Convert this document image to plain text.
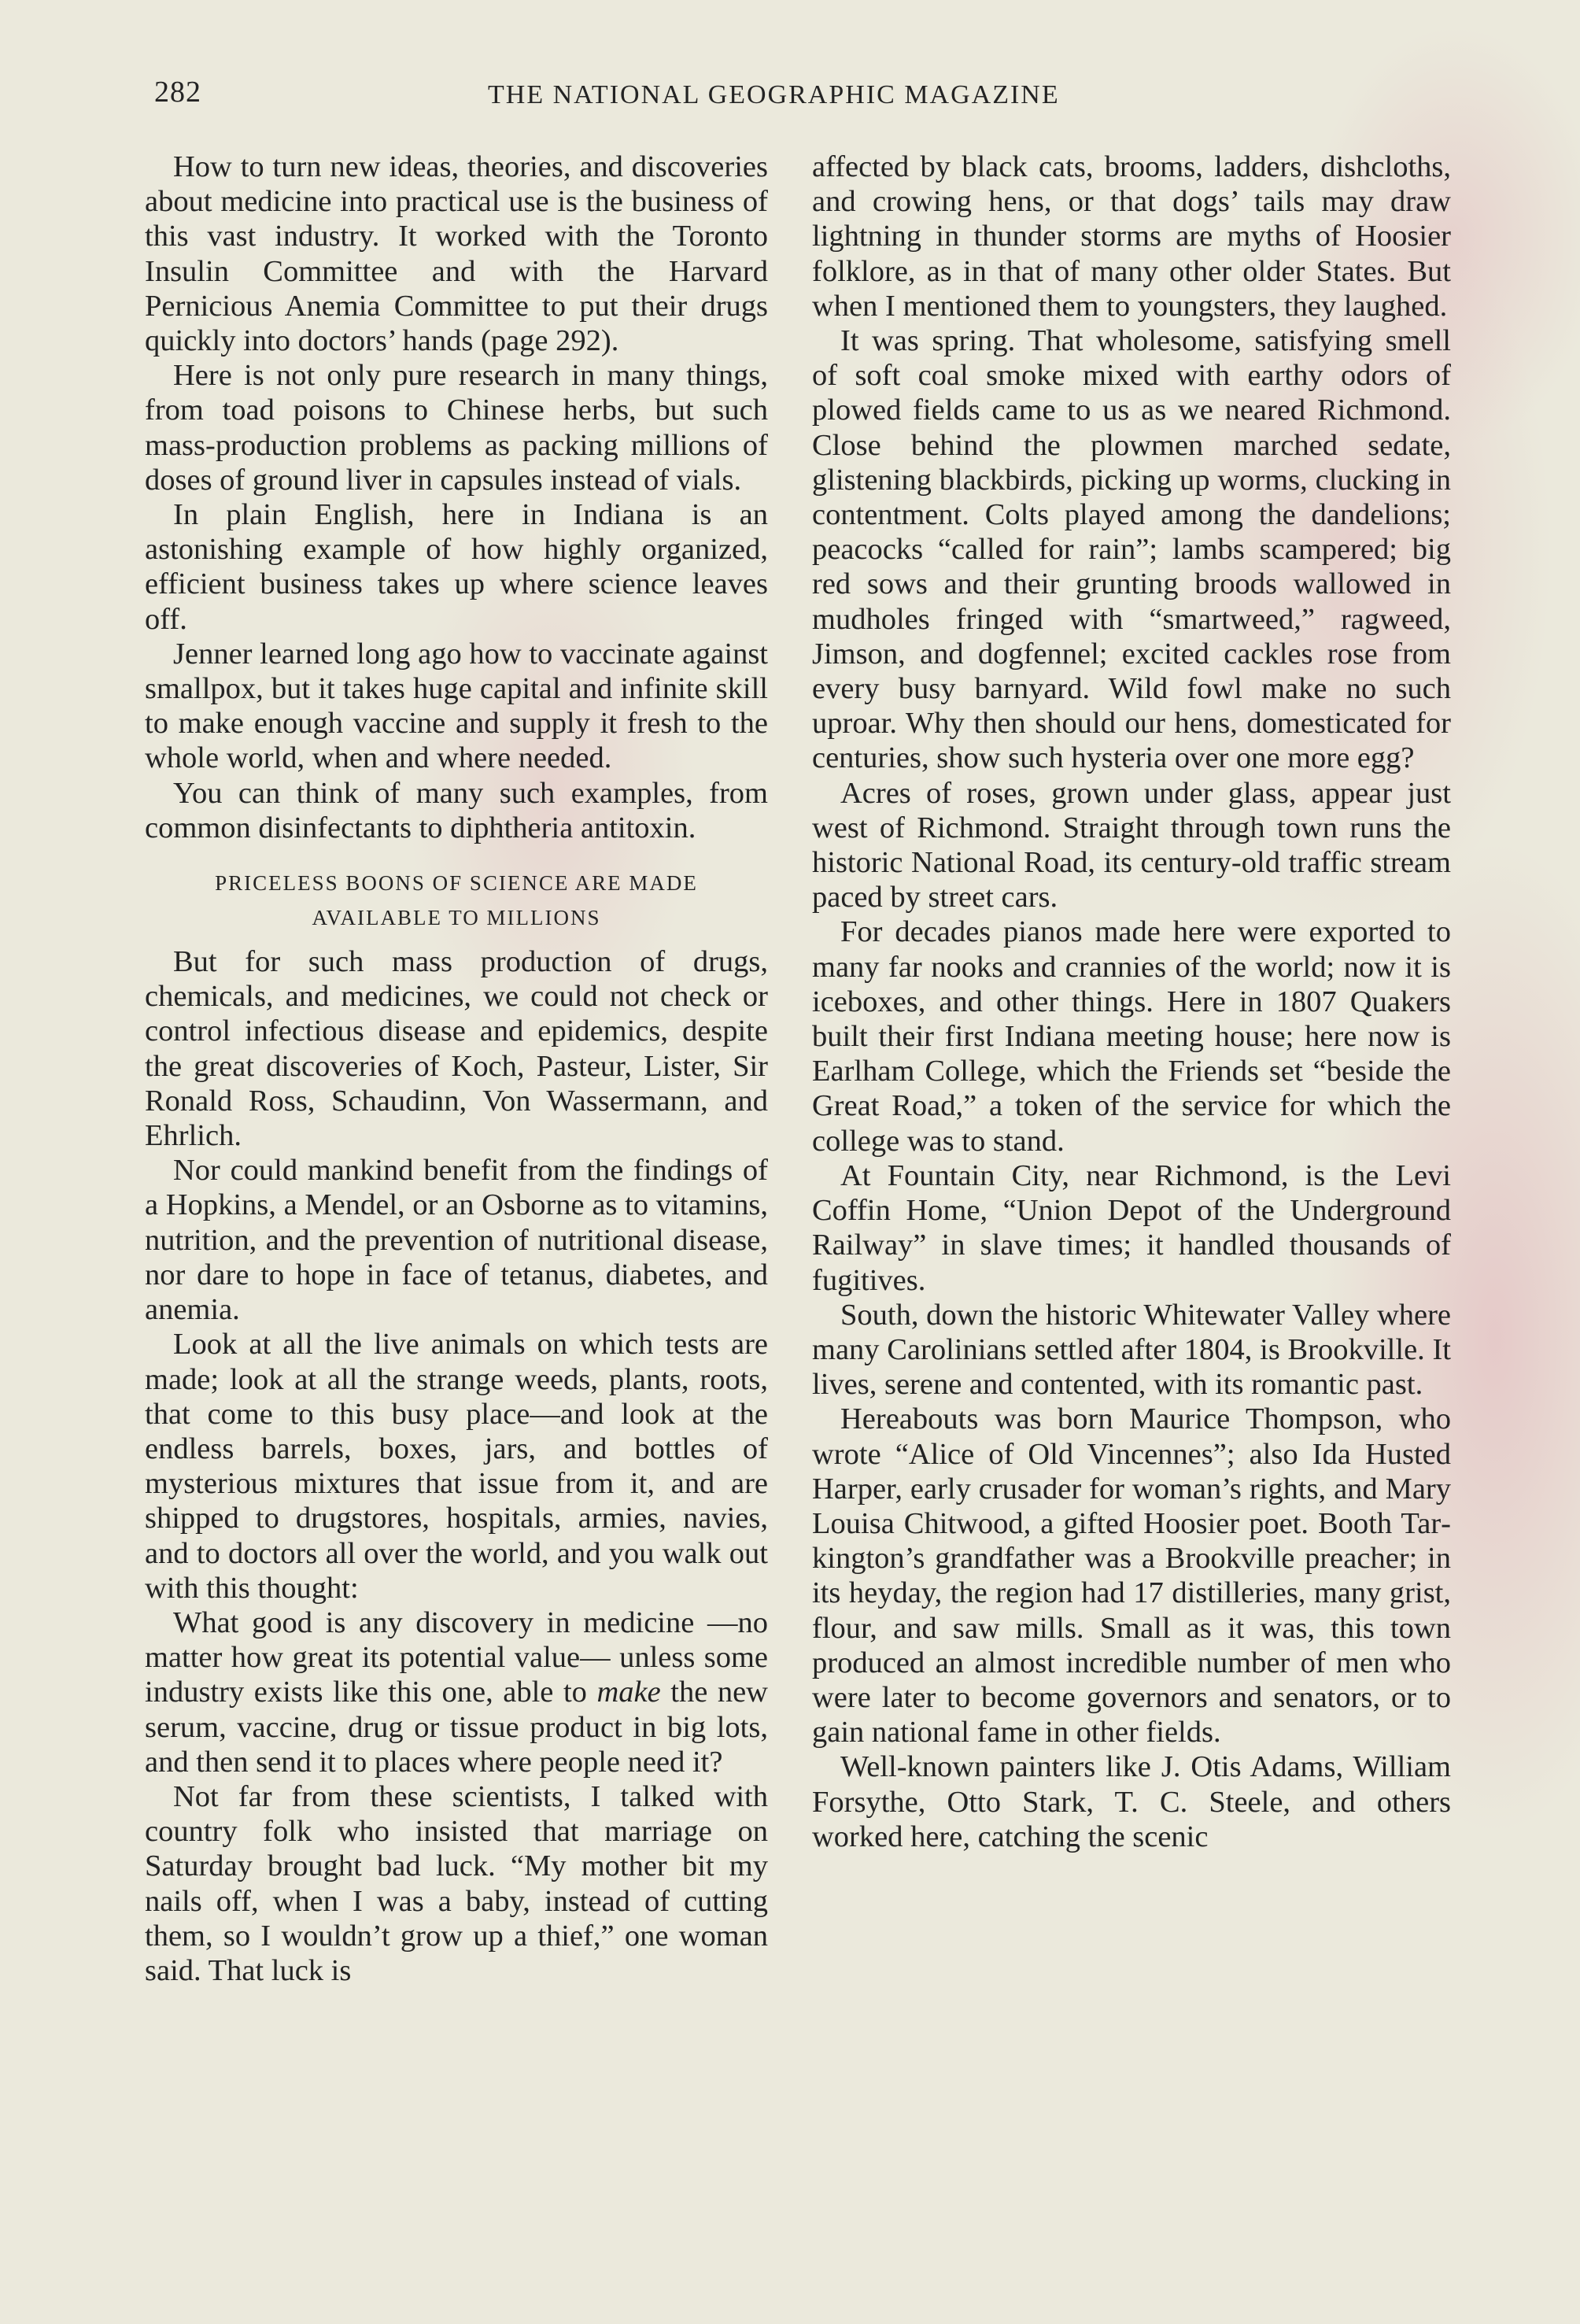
282	THE NATIONAL GEOGRAPHIC MAGAZINE

How to turn new ideas, theories, and discoveries about medicine into practical use is the business of this vast industry. It worked with the Toronto Insulin Committee and with the Harvard Pernicious Anemia Committee to put their drugs quickly into doctors’ hands (page 292).

Here is not only pure research in many things, from toad poisons to Chinese herbs, but such mass-production problems as packing millions of doses of ground liver in capsules instead of vials.

In plain English, here in Indiana is an astonishing example of how highly organized, efficient business takes up where science leaves off.

Jenner learned long ago how to vaccinate against smallpox, but it takes huge capital and infinite skill to make enough vaccine and supply it fresh to the whole world, when and where needed.

You can think of many such examples, from common disinfectants to diphtheria antitoxin.

PRICELESS BOONS OF SCIENCE ARE MADE
AVAILABLE TO MILLIONS

But for such mass production of drugs, chemicals, and medicines, we could not check or control infectious disease and epidemics, despite the great discoveries of Koch, Pasteur, Lister, Sir Ronald Ross, Schaudinn, Von Wassermann, and Ehrlich.

Nor could mankind benefit from the findings of a Hopkins, a Mendel, or an Osborne as to vitamins, nutrition, and the prevention of nutritional disease, nor dare to hope in face of tetanus, diabetes, and anemia.

Look at all the live animals on which tests are made; look at all the strange weeds, plants, roots, that come to this busy place—and look at the endless barrels, boxes, jars, and bottles of mysterious mixtures that issue from it, and are shipped to drugstores, hospitals, armies, navies, and to doctors all over the world, and you walk out with this thought:

What good is any discovery in medicine —no matter how great its potential value— unless some industry exists like this one, able to make the new serum, vaccine, drug or tissue product in big lots, and then send it to places where people need it?

Not far from these scientists, I talked with country folk who insisted that marriage on Saturday brought bad luck. “My mother bit my nails off, when I was a baby, instead of cutting them, so I wouldn’t grow up a thief,” one woman said. That luck is

affected by black cats, brooms, ladders, dishcloths, and crowing hens, or that dogs’ tails may draw lightning in thunder storms are myths of Hoosier folklore, as in that of many other older States. But when I mentioned them to youngsters, they laughed.

It was spring. That wholesome, satisfying smell of soft coal smoke mixed with earthy odors of plowed fields came to us as we neared Richmond. Close behind the plowmen marched sedate, glistening blackbirds, picking up worms, clucking in contentment. Colts played among the dandelions; peacocks “called for rain”; lambs scampered; big red sows and their grunting broods wallowed in mudholes fringed with “smartweed,” ragweed, Jimson, and dogfennel; excited cackles rose from every busy barnyard. Wild fowl make no such uproar. Why then should our hens, domesticated for centuries, show such hysteria over one more egg?

Acres of roses, grown under glass, appear just west of Richmond. Straight through town runs the historic National Road, its century-old traffic stream paced by street cars.

For decades pianos made here were exported to many far nooks and crannies of the world; now it is iceboxes, and other things. Here in 1807 Quakers built their first Indiana meeting house; here now is Earlham College, which the Friends set “beside the Great Road,” a token of the service for which the college was to stand.

At Fountain City, near Richmond, is the Levi Coffin Home, “Union Depot of the Underground Railway” in slave times; it handled thousands of fugitives.

South, down the historic Whitewater Valley where many Carolinians settled after 1804, is Brookville. It lives, serene and contented, with its romantic past.

Hereabouts was born Maurice Thompson, who wrote “Alice of Old Vincennes”; also Ida Husted Harper, early crusader for woman’s rights, and Mary Louisa Chitwood, a gifted Hoosier poet. Booth Tarkington’s grandfather was a Brookville preacher; in its heyday, the region had 17 distilleries, many grist, flour, and saw mills. Small as it was, this town produced an almost incredible number of men who were later to become governors and senators, or to gain national fame in other fields.

Well-known painters like J. Otis Adams, William Forsythe, Otto Stark, T. C. Steele, and others worked here, catching the scenic
